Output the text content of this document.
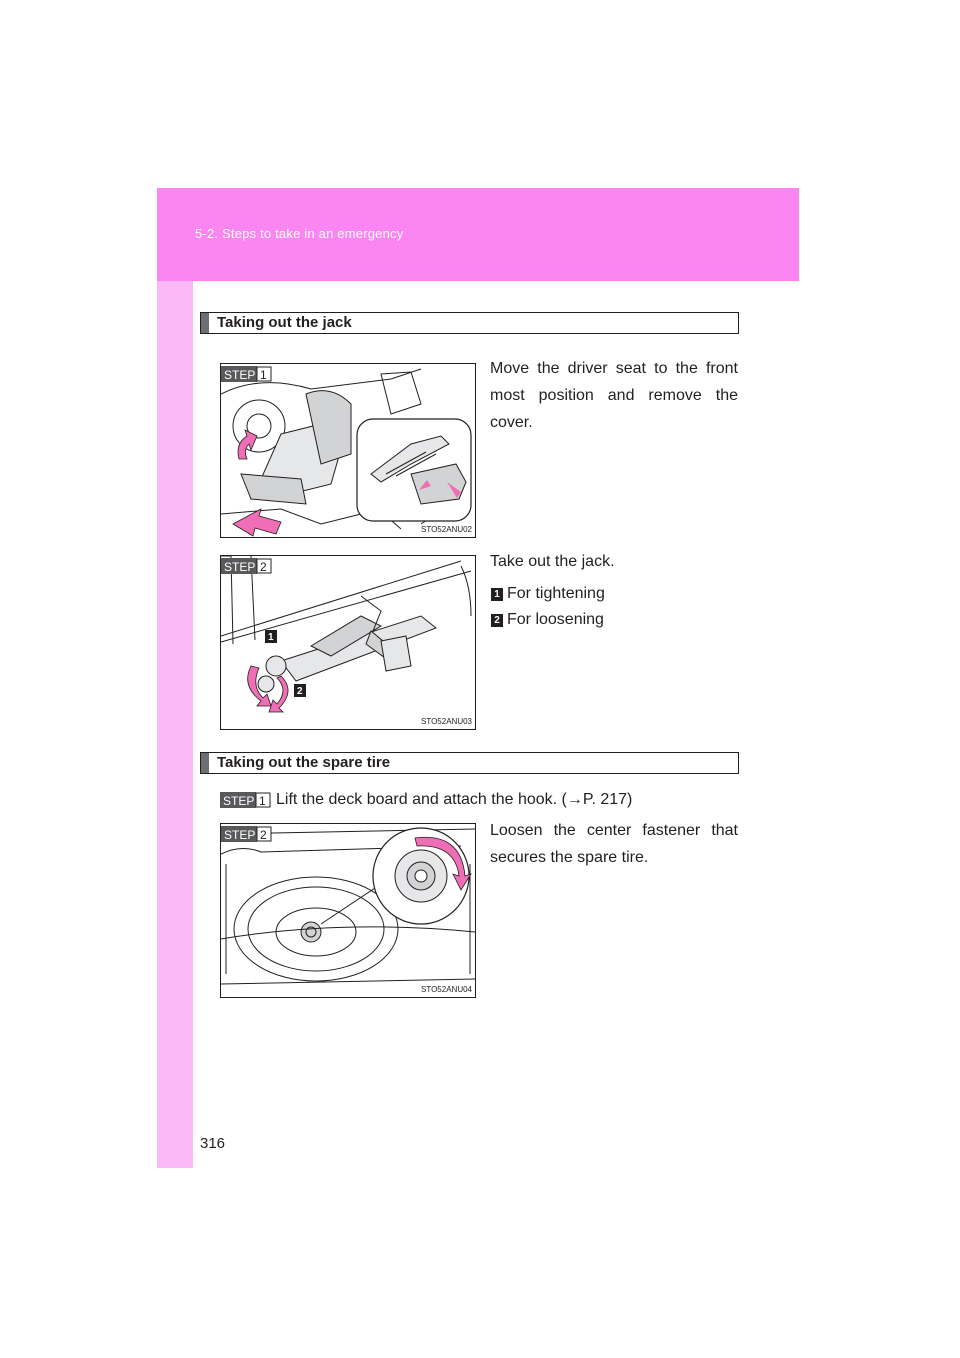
5-2. Steps to take in an emergency
Taking out the jack
STO52ANU02
STEP 1	Move the driver seat to the front most position and remove the cover.
1
2
STO52ANU03
STEP 2	Take out the jack.
1 For tightening
2 For loosening
Taking out the spare tire
STEP 1 Lift the deck board and attach the hook. (→P. 217)
STO52ANU04
STEP 2	Loosen the center fastener that secures the spare tire.
316
